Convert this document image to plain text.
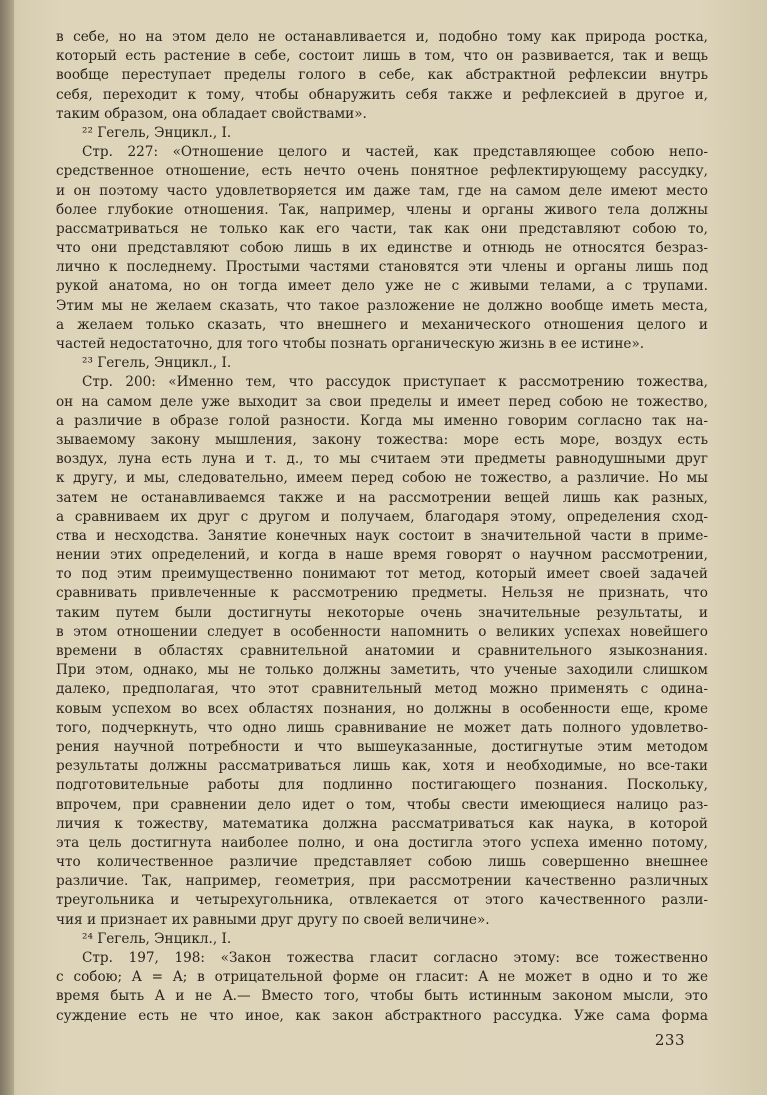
в себе, но на этом дело не останавливается и, подобно тому как природа ростка,
который есть растение в себе, состоит лишь в том, что он развивается, так и вещь
вообще переступает пределы голого в себе, как абстрактной рефлексии внутрь
себя, переходит к тому, чтобы обнаружить себя также и рефлексией в другое и,
таким образом, она обладает свойствами».
²² Гегель, Энцикл., I.
Стр. 227: «Отношение целого и частей, как представляющее собою непо-
средственное отношение, есть нечто очень понятное рефлектирующему рассудку,
и он поэтому часто удовлетворяется им даже там, где на самом деле имеют место
более глубокие отношения. Так, например, члены и органы живого тела должны
рассматриваться не только как его части, так как они представляют собою то,
что они представляют собою лишь в их единстве и отнюдь не относятся безраз-
лично к последнему. Простыми частями становятся эти члены и органы лишь под
рукой анатома, но он тогда имеет дело уже не с живыми телами, а с трупами.
Этим мы не желаем сказать, что такое разложение не должно вообще иметь места,
а желаем только сказать, что внешнего и механического отношения целого и
частей недостаточно, для того чтобы познать органическую жизнь в ее истине».
²³ Гегель, Энцикл., I.
Стр. 200: «Именно тем, что рассудок приступает к рассмотрению тожества,
он на самом деле уже выходит за свои пределы и имеет перед собою не тожество,
а различие в образе голой разности. Когда мы именно говорим согласно так на-
зываемому закону мышления, закону тожества: море есть море, воздух есть
воздух, луна есть луна и т. д., то мы считаем эти предметы равнодушными друг
к другу, и мы, следовательно, имеем перед собою не тожество, а различие. Но мы
затем не останавливаемся также и на рассмотрении вещей лишь как разных,
а сравниваем их друг с другом и получаем, благодаря этому, определения сход-
ства и несходства. Занятие конечных наук состоит в значительной части в приме-
нении этих определений, и когда в наше время говорят о научном рассмотрении,
то под этим преимущественно понимают тот метод, который имеет своей задачей
сравнивать привлеченные к рассмотрению предметы. Нельзя не признать, что
таким путем были достигнуты некоторые очень значительные результаты, и
в этом отношении следует в особенности напомнить о великих успехах новейшего
времени в областях сравнительной анатомии и сравнительного языкознания.
При этом, однако, мы не только должны заметить, что ученые заходили слишком
далеко, предполагая, что этот сравнительный метод можно применять с одина-
ковым успехом во всех областях познания, но должны в особенности еще, кроме
того, подчеркнуть, что одно лишь сравнивание не может дать полного удовлетво-
рения научной потребности и что вышеуказанные, достигнутые этим методом
результаты должны рассматриваться лишь как, хотя и необходимые, но все-таки
подготовительные работы для подлинно постигающего познания. Поскольку,
впрочем, при сравнении дело идет о том, чтобы свести имеющиеся налицо раз-
личия к тожеству, математика должна рассматриваться как наука, в которой
эта цель достигнута наиболее полно, и она достигла этого успеха именно потому,
что количественное различие представляет собою лишь совершенно внешнее
различие. Так, например, геометрия, при рассмотрении качественно различных
треугольника и четырехугольника, отвлекается от этого качественного разли-
чия и признает их равными друг другу по своей величине».
²⁴ Гегель, Энцикл., I.
Стр. 197, 198: «Закон тожества гласит согласно этому: все тожественно
с собою; A = A; в отрицательной форме он гласит: A не может в одно и то же
время быть A и не A.— Вместо того, чтобы быть истинным законом мысли, это
суждение есть не что иное, как закон абстрактного рассудка. Уже сама форма
233
